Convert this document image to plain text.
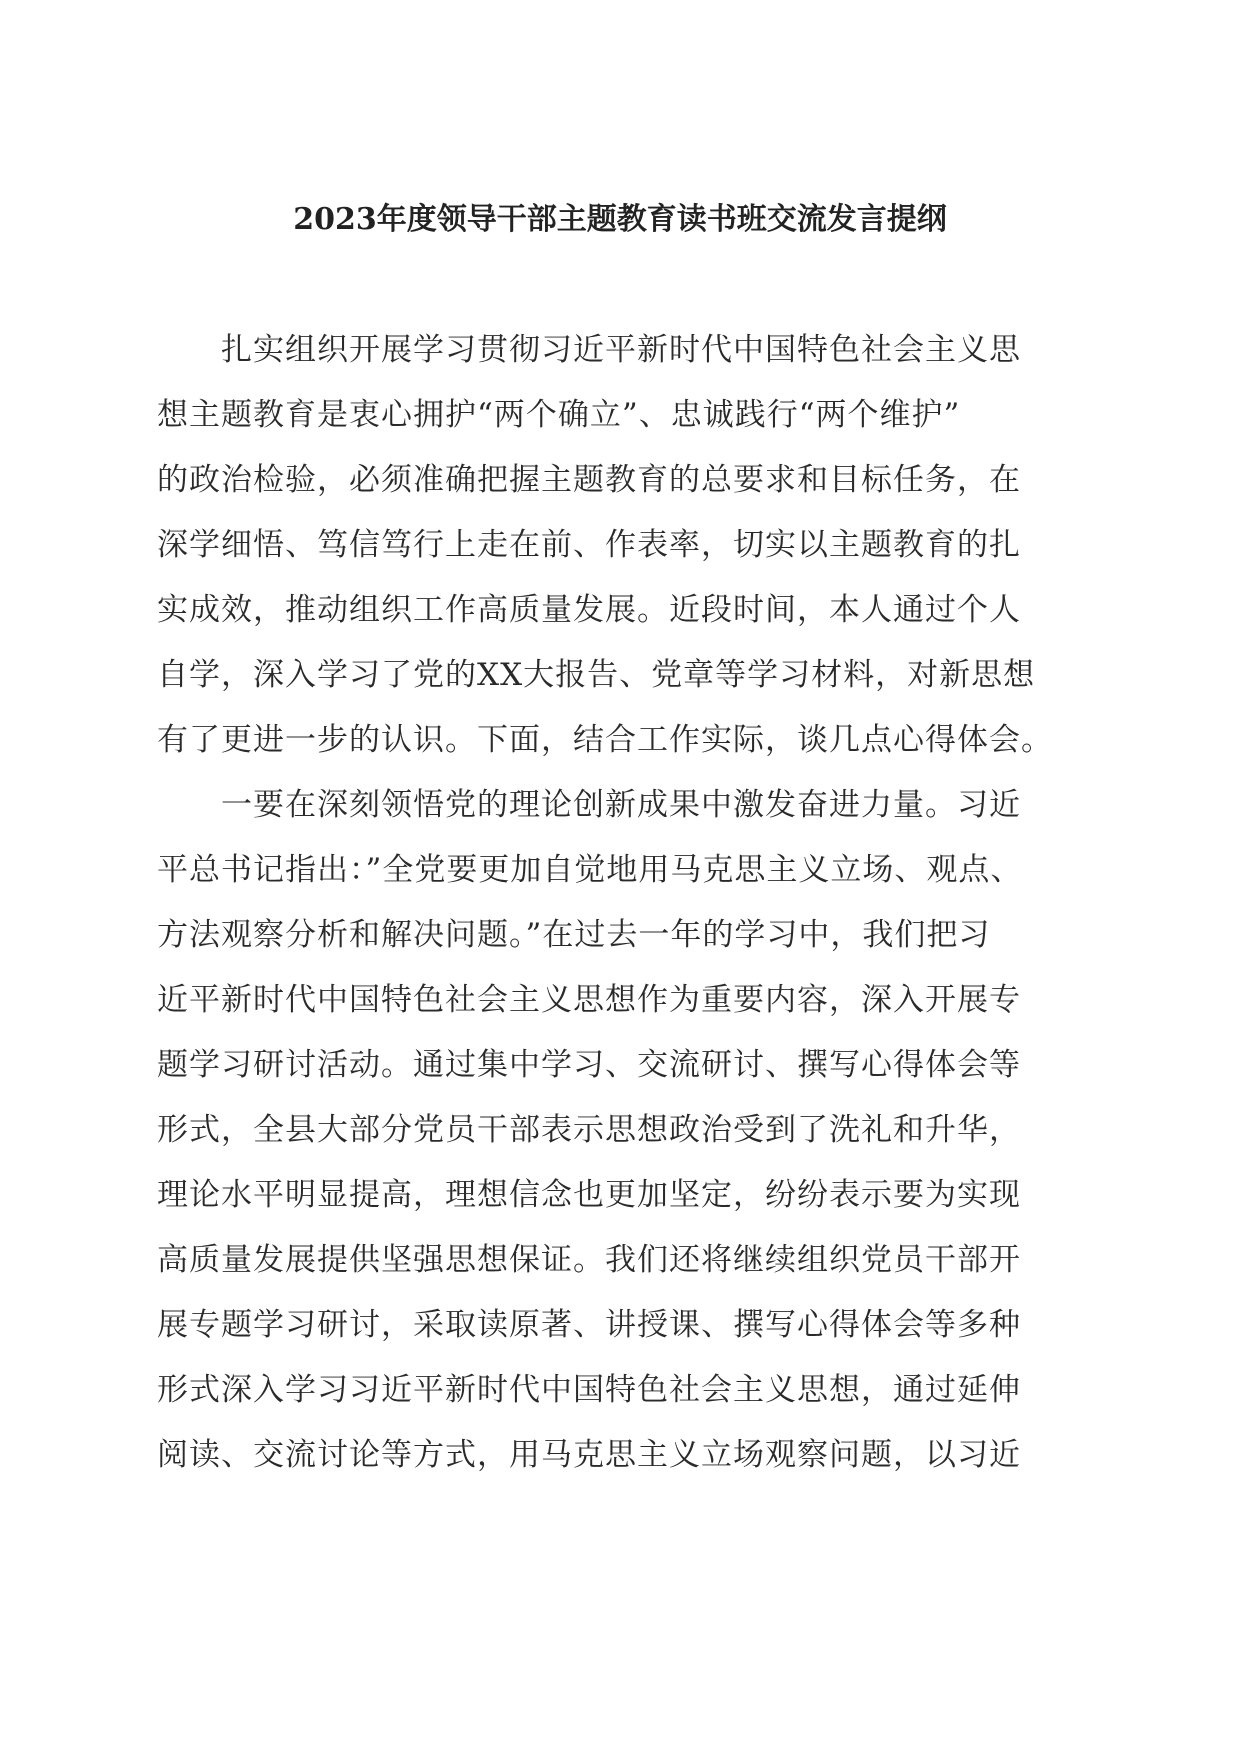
2023年度领导干部主题教育读书班交流发言提纲
扎实组织开展学习贯彻习近平新时代中国特色社会主义思
想主题教育是衷心拥护“两个确立”、忠诚践行“两个维护”
的政治检验，必须准确把握主题教育的总要求和目标任务，在
深学细悟、笃信笃行上走在前、作表率，切实以主题教育的扎
实成效，推动组织工作高质量发展。近段时间，本人通过个人
自学，深入学习了党的XX大报告、党章等学习材料，对新思想
有了更进一步的认识。下面，结合工作实际，谈几点心得体会。
一要在深刻领悟党的理论创新成果中激发奋进力量。习近
平总书记指出：”全党要更加自觉地用马克思主义立场、观点、
方法观察分析和解决问题。”在过去一年的学习中，我们把习
近平新时代中国特色社会主义思想作为重要内容，深入开展专
题学习研讨活动。通过集中学习、交流研讨、撰写心得体会等
形式，全县大部分党员干部表示思想政治受到了洗礼和升华，
理论水平明显提高，理想信念也更加坚定，纷纷表示要为实现
高质量发展提供坚强思想保证。我们还将继续组织党员干部开
展专题学习研讨，采取读原著、讲授课、撰写心得体会等多种
形式深入学习习近平新时代中国特色社会主义思想，通过延伸
阅读、交流讨论等方式，用马克思主义立场观察问题，以习近
